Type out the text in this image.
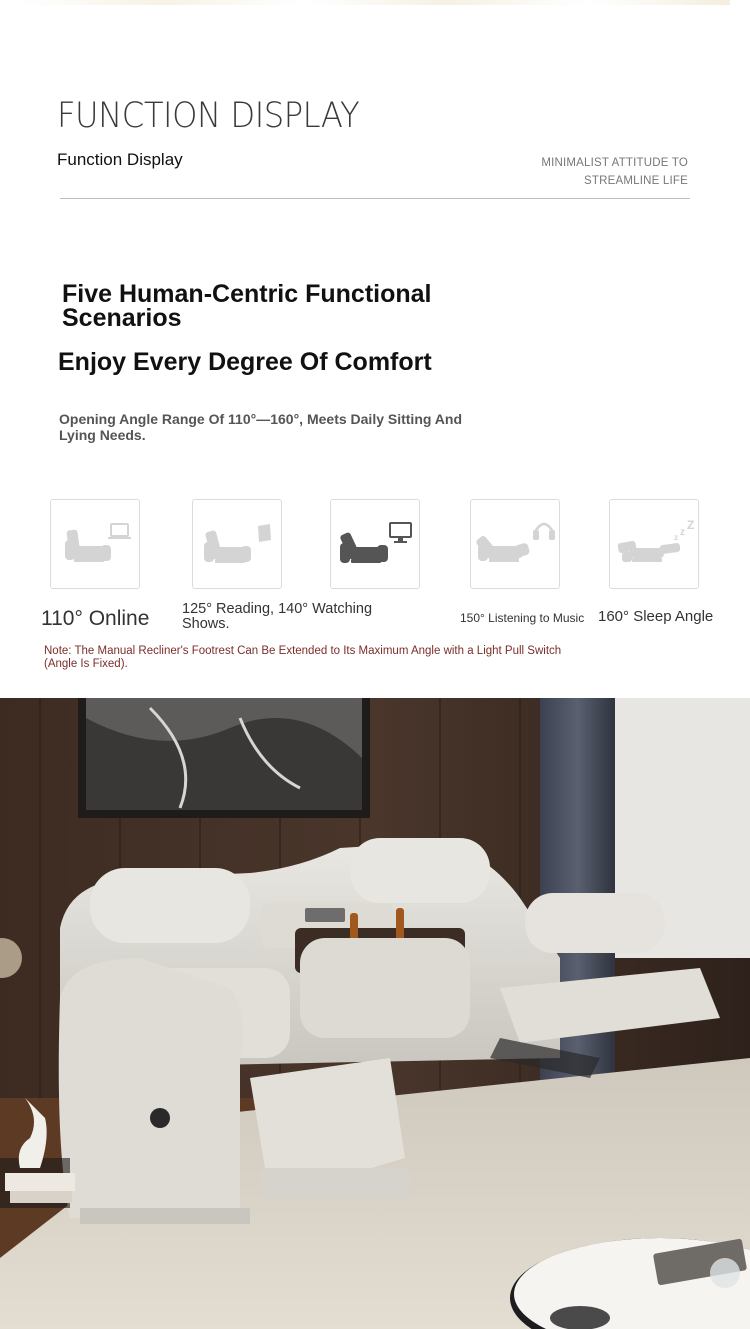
FUNCTION DISPLAY
Function Display	MINIMALIST ATTITUDE TO
STREAMLINE LIFE
Five Human-Centric Functional Scenarios
Enjoy Every Degree Of Comfort
Opening Angle Range Of 110°—160°, Meets Daily Sitting And Lying Needs.
z z
Z
110° Online 125° Reading, 140° Watching Shows.	150° Listening to Music 160° Sleep Angle
Note: The Manual Recliner's Footrest Can Be Extended to Its Maximum Angle with a Light Pull Switch (Angle Is Fixed).
